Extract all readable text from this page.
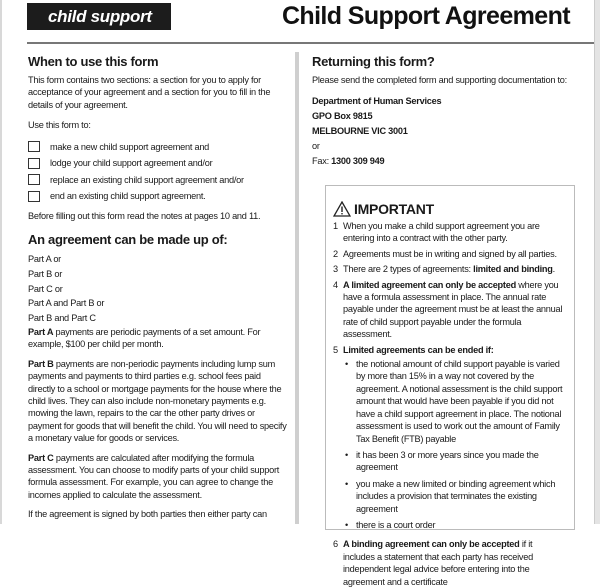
child support	Child Support Agreement
When to use this form

This form contains two sections: a section for you to apply for acceptance of your agreement and a section for you to fill in the details of your agreement.

Use this form to:

make a new child support agreement and
lodge your child support agreement and/or
replace an existing child support agreement and/or
end an existing child support agreement.

Before filling out this form read the notes at pages 10 and 11.

An agreement can be made up of:
Part A or
Part B or
Part C or
Part A and Part B or
Part B and Part C

Part A payments are periodic payments of a set amount. For example, $100 per child per month.

Part B payments are non-periodic payments including lump sum payments and payments to third parties e.g. school fees paid directly to a school or mortgage payments for the house where the child lives. They can also include non-monetary payments e.g. mowing the lawn, repairs to the car the other party drives or payment for goods that will benefit the child. You will need to specify a monetary value for goods or services.

Part C payments are calculated after modifying the formula assessment. You can choose to modify parts of your child support formula assessment. For example, you can agree to change the incomes applied to calculate the assessment.

If the agreement is signed by both parties then either party can

Returning this form?

Please send the completed form and supporting documentation to:

Department of Human Services
GPO Box 9815
MELBOURNE VIC 3001
or
Fax: 1300 309 949
IMPORTANT
1 When you make a child support agreement you are entering into a contract with the other party.
2 Agreements must be in writing and signed by all parties.
3 There are 2 types of agreements: limited and binding.
4 A limited agreement can only be accepted where you have a formula assessment in place. The annual rate payable under the agreement must be at least the annual rate of child support payable under the formula assessment.
5 Limited agreements can be ended if:
• the notional amount of child support payable is varied by more than 15% in a way not covered by the agreement. A notional assessment is the child support amount that would have been payable if you did not have a child support agreement in place. The notional assessment is used to work out the amount of Family Tax Benefit (FTB) payable
• it has been 3 or more years since you made the agreement
• you make a new limited or binding agreement which includes a provision that terminates the existing agreement
• there is a court order
6 A binding agreement can only be accepted if it includes a statement that each party has received independent legal advice before entering into the agreement and a certificate
